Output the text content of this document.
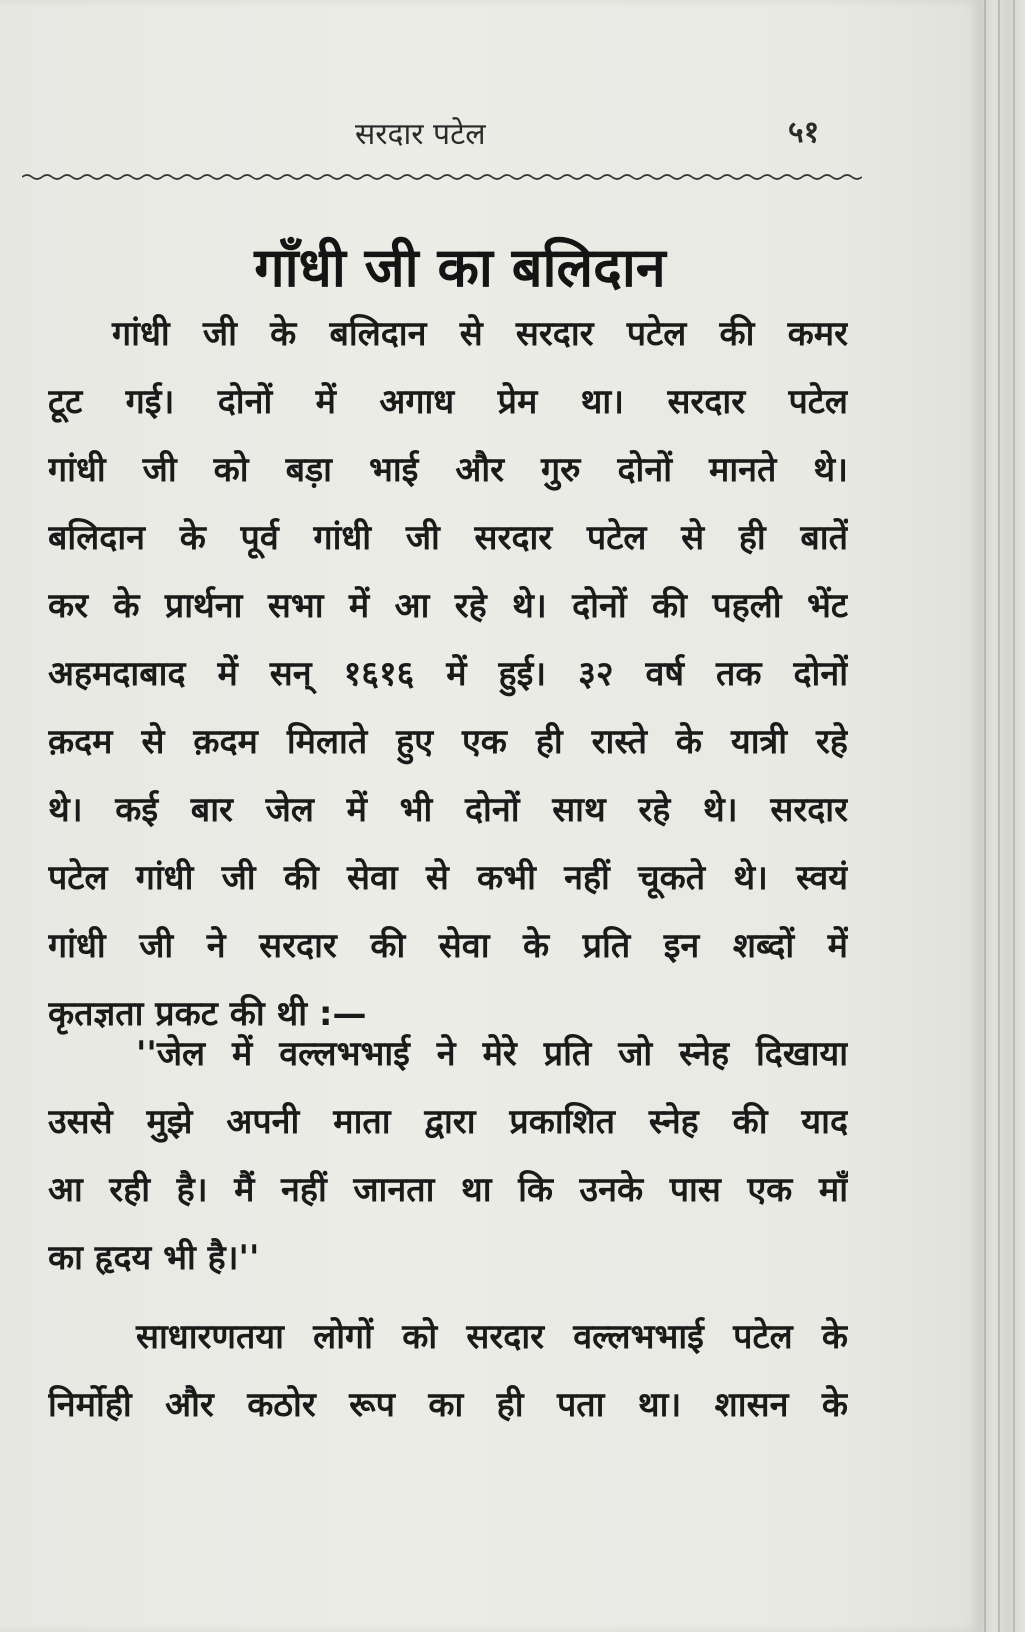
सरदार पटेल	५१
गाँधी जी का बलिदान
गांधी जी के बलिदान से सरदार पटेल की कमर
टूट गई। दोनों में अगाध प्रेम था। सरदार पटेल
गांधी जी को बड़ा भाई और गुरु दोनों मानते थे।
बलिदान के पूर्व गांधी जी सरदार पटेल से ही बातें
कर के प्रार्थना सभा में आ रहे थे। दोनों की पहली भेंट
अहमदाबाद में सन् १६१६ में हुई। ३२ वर्ष तक दोनों
क़दम से क़दम मिलाते हुए एक ही रास्ते के यात्री रहे
थे। कई बार जेल में भी दोनों साथ रहे थे। सरदार
पटेल गांधी जी की सेवा से कभी नहीं चूकते थे। स्वयं
गांधी जी ने सरदार की सेवा के प्रति इन शब्दों में
कृतज्ञता प्रकट की थी :—
''जेल में वल्लभभाई ने मेरे प्रति जो स्नेह दिखाया
उससे मुझे अपनी माता द्वारा प्रकाशित स्नेह की याद
आ रही है। मैं नहीं जानता था कि उनके पास एक माँ
का हृदय भी है।''
साधारणतया लोगों को सरदार वल्लभभाई पटेल के
निर्मोही और कठोर रूप का ही पता था। शासन के
